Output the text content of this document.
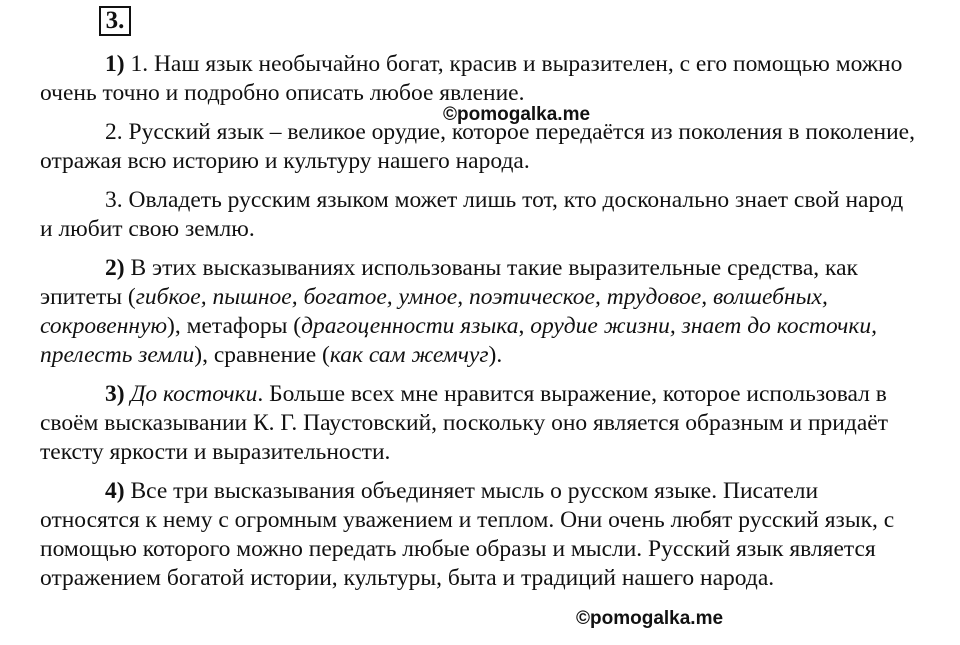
3.
©pomogalka.me
©pomogalka.me

1) 1. Наш язык необычайно богат, красив и выразителен, с его помощью можно очень точно и подробно описать любое явление.

2. Русский язык – великое орудие, которое передаётся из поколения в поколение, отражая всю историю и культуру нашего народа.

3. Овладеть русским языком может лишь тот, кто досконально знает свой народ и любит свою землю.

2) В этих высказываниях использованы такие выразительные средства, как эпитеты (гибкое, пышное, богатое, умное, поэтическое, трудовое, волшебных, сокровенную), метафоры (драгоценности языка, орудие жизни, знает до косточки, прелесть земли), сравнение (как сам жемчуг).

3) До косточки. Больше всех мне нравится выражение, которое использовал в своём высказывании К. Г. Паустовский, поскольку оно является образным и придаёт тексту яркости и выразительности.

4) Все три высказывания объединяет мысль о русском языке. Писатели относятся к нему с огромным уважением и теплом. Они очень любят русский язык, с помощью которого можно передать любые образы и мысли. Русский язык является отражением богатой истории, культуры, быта и традиций нашего народа.
